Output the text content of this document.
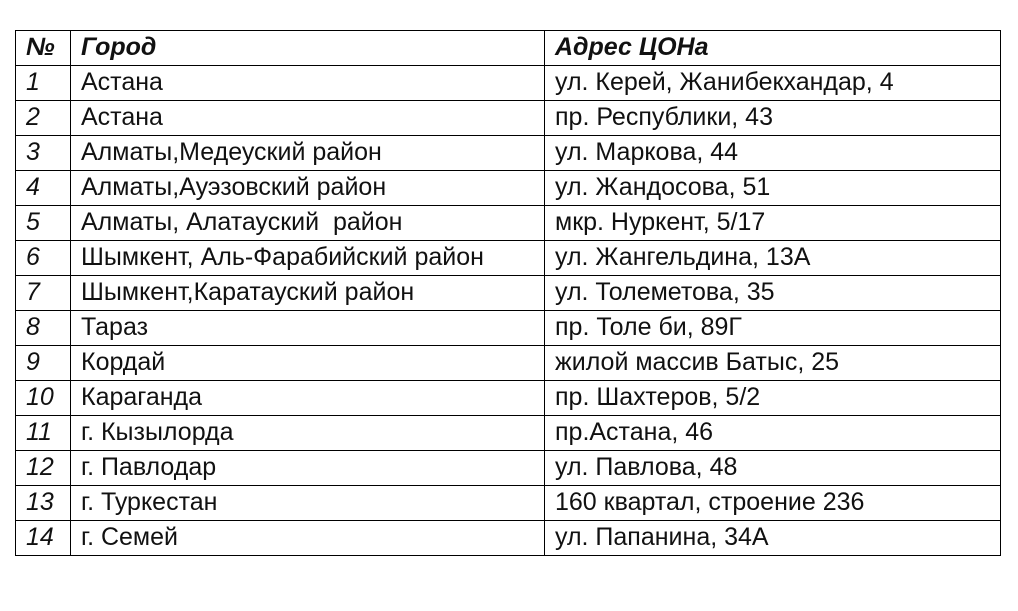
№	Город	Адрес ЦОНа
1	Астана	ул. Керей, Жанибекхандар, 4
2	Астана	пр. Республики, 43
3	Алматы,Медеуский район	ул. Маркова, 44
4	Алматы,Ауэзовский район	ул. Жандосова, 51
5	Алматы, Алатауский  район	мкр. Нуркент, 5/17
6	Шымкент, Аль-Фарабийский район	ул. Жангельдина, 13А
7	Шымкент,Каратауский район	ул. Толеметова, 35
8	Тараз	пр. Толе би, 89Г
9	Кордай	жилой массив Батыс, 25
10	Караганда	пр. Шахтеров, 5/2
11	г. Кызылорда	пр.Астана, 46
12	г. Павлодар	ул. Павлова, 48
13	г. Туркестан	160 квартал, строение 236
14	г. Семей	ул. Папанина, 34А
